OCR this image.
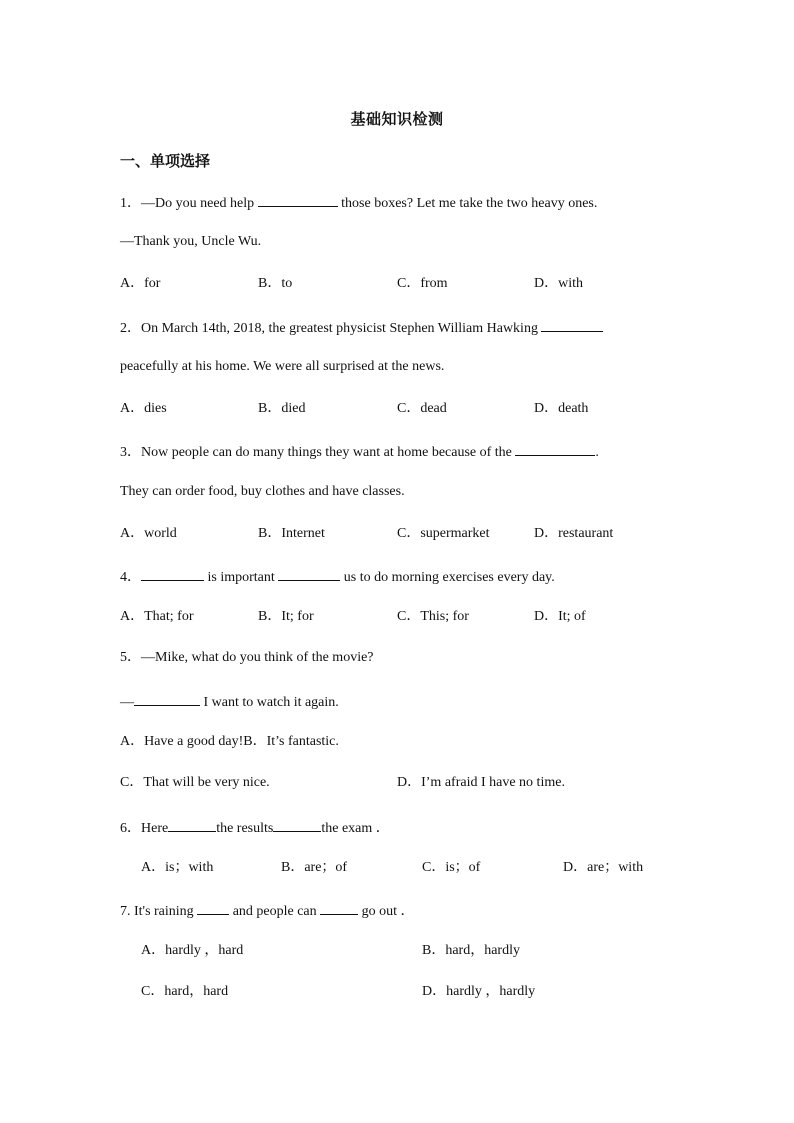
基础知识检测
一、单项选择
1．—Do you need help	those boxes? Let me take the two heavy ones.
—Thank you, Uncle Wu.
A．for	B．to	C．from	D．with
2．On March 14th, 2018, the greatest physicist Stephen William Hawking
peacefully at his home. We were all surprised at the news.
A．dies	B．died	C．dead	D．death
3．Now people can do many things they want at home because of the	.
They can order food, buy clothes and have classes.
A．world	B．Internet	C．supermarket	D．restaurant
4．	is important	us to do morning exercises every day.
A．That; for	B．It; for	C．This; for	D．It; of
5．—Mike, what do you think of the movie?
—	I want to watch it again.
A．Have a good day!B．It’s fantastic.
C．That will be very nice.	D．I’m afraid I have no time.
6．Here	the results	the exam ．
A．is；with	B．are；of	C．is；of	D．are；with
7. It's raining  and people can	go out ．
A．hardly ，hard	B．hard，hardly
C．hard，hard	D．hardly ，hardly
